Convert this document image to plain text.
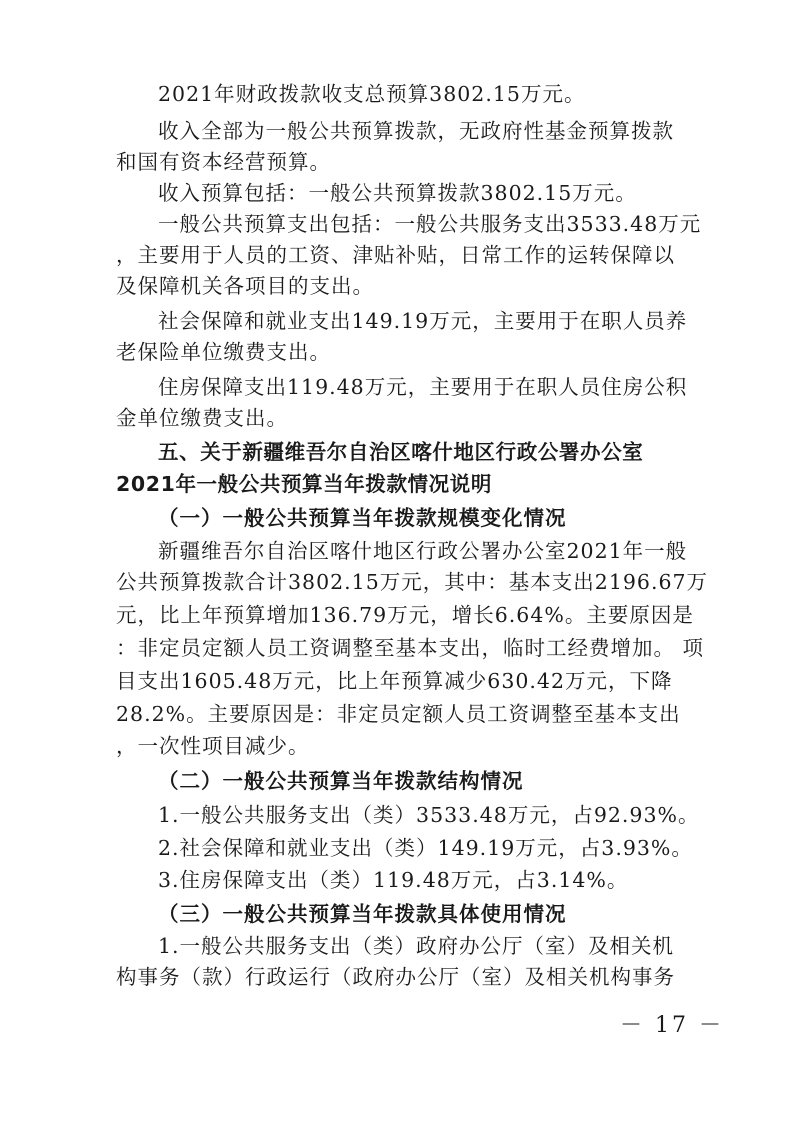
2021年财政拨款收支总预算3802.15万元。
收入全部为一般公共预算拨款，无政府性基金预算拨款
和国有资本经营预算。
收入预算包括：一般公共预算拨款3802.15万元。
一般公共预算支出包括：一般公共服务支出3533.48万元
，主要用于人员的工资、津贴补贴，日常工作的运转保障以
及保障机关各项目的支出。
社会保障和就业支出149.19万元，主要用于在职人员养
老保险单位缴费支出。
住房保障支出119.48万元，主要用于在职人员住房公积
金单位缴费支出。
五、关于新疆维吾尔自治区喀什地区行政公署办公室
2021年一般公共预算当年拨款情况说明
（一）一般公共预算当年拨款规模变化情况
新疆维吾尔自治区喀什地区行政公署办公室2021年一般
公共预算拨款合计3802.15万元，其中：基本支出2196.67万
元，比上年预算增加136.79万元，增长6.64%。主要原因是
：非定员定额人员工资调整至基本支出，临时工经费增加。 项
目支出1605.48万元，比上年预算减少630.42万元，下降
28.2%。主要原因是：非定员定额人员工资调整至基本支出
，一次性项目减少。
（二）一般公共预算当年拨款结构情况
1.一般公共服务支出（类）3533.48万元，占92.93%。
2.社会保障和就业支出（类）149.19万元，占3.93%。
3.住房保障支出（类）119.48万元，占3.14%。
（三）一般公共预算当年拨款具体使用情况
1.一般公共服务支出（类）政府办公厅（室）及相关机
构事务（款）行政运行（政府办公厅（室）及相关机构事务
－ 17 －
